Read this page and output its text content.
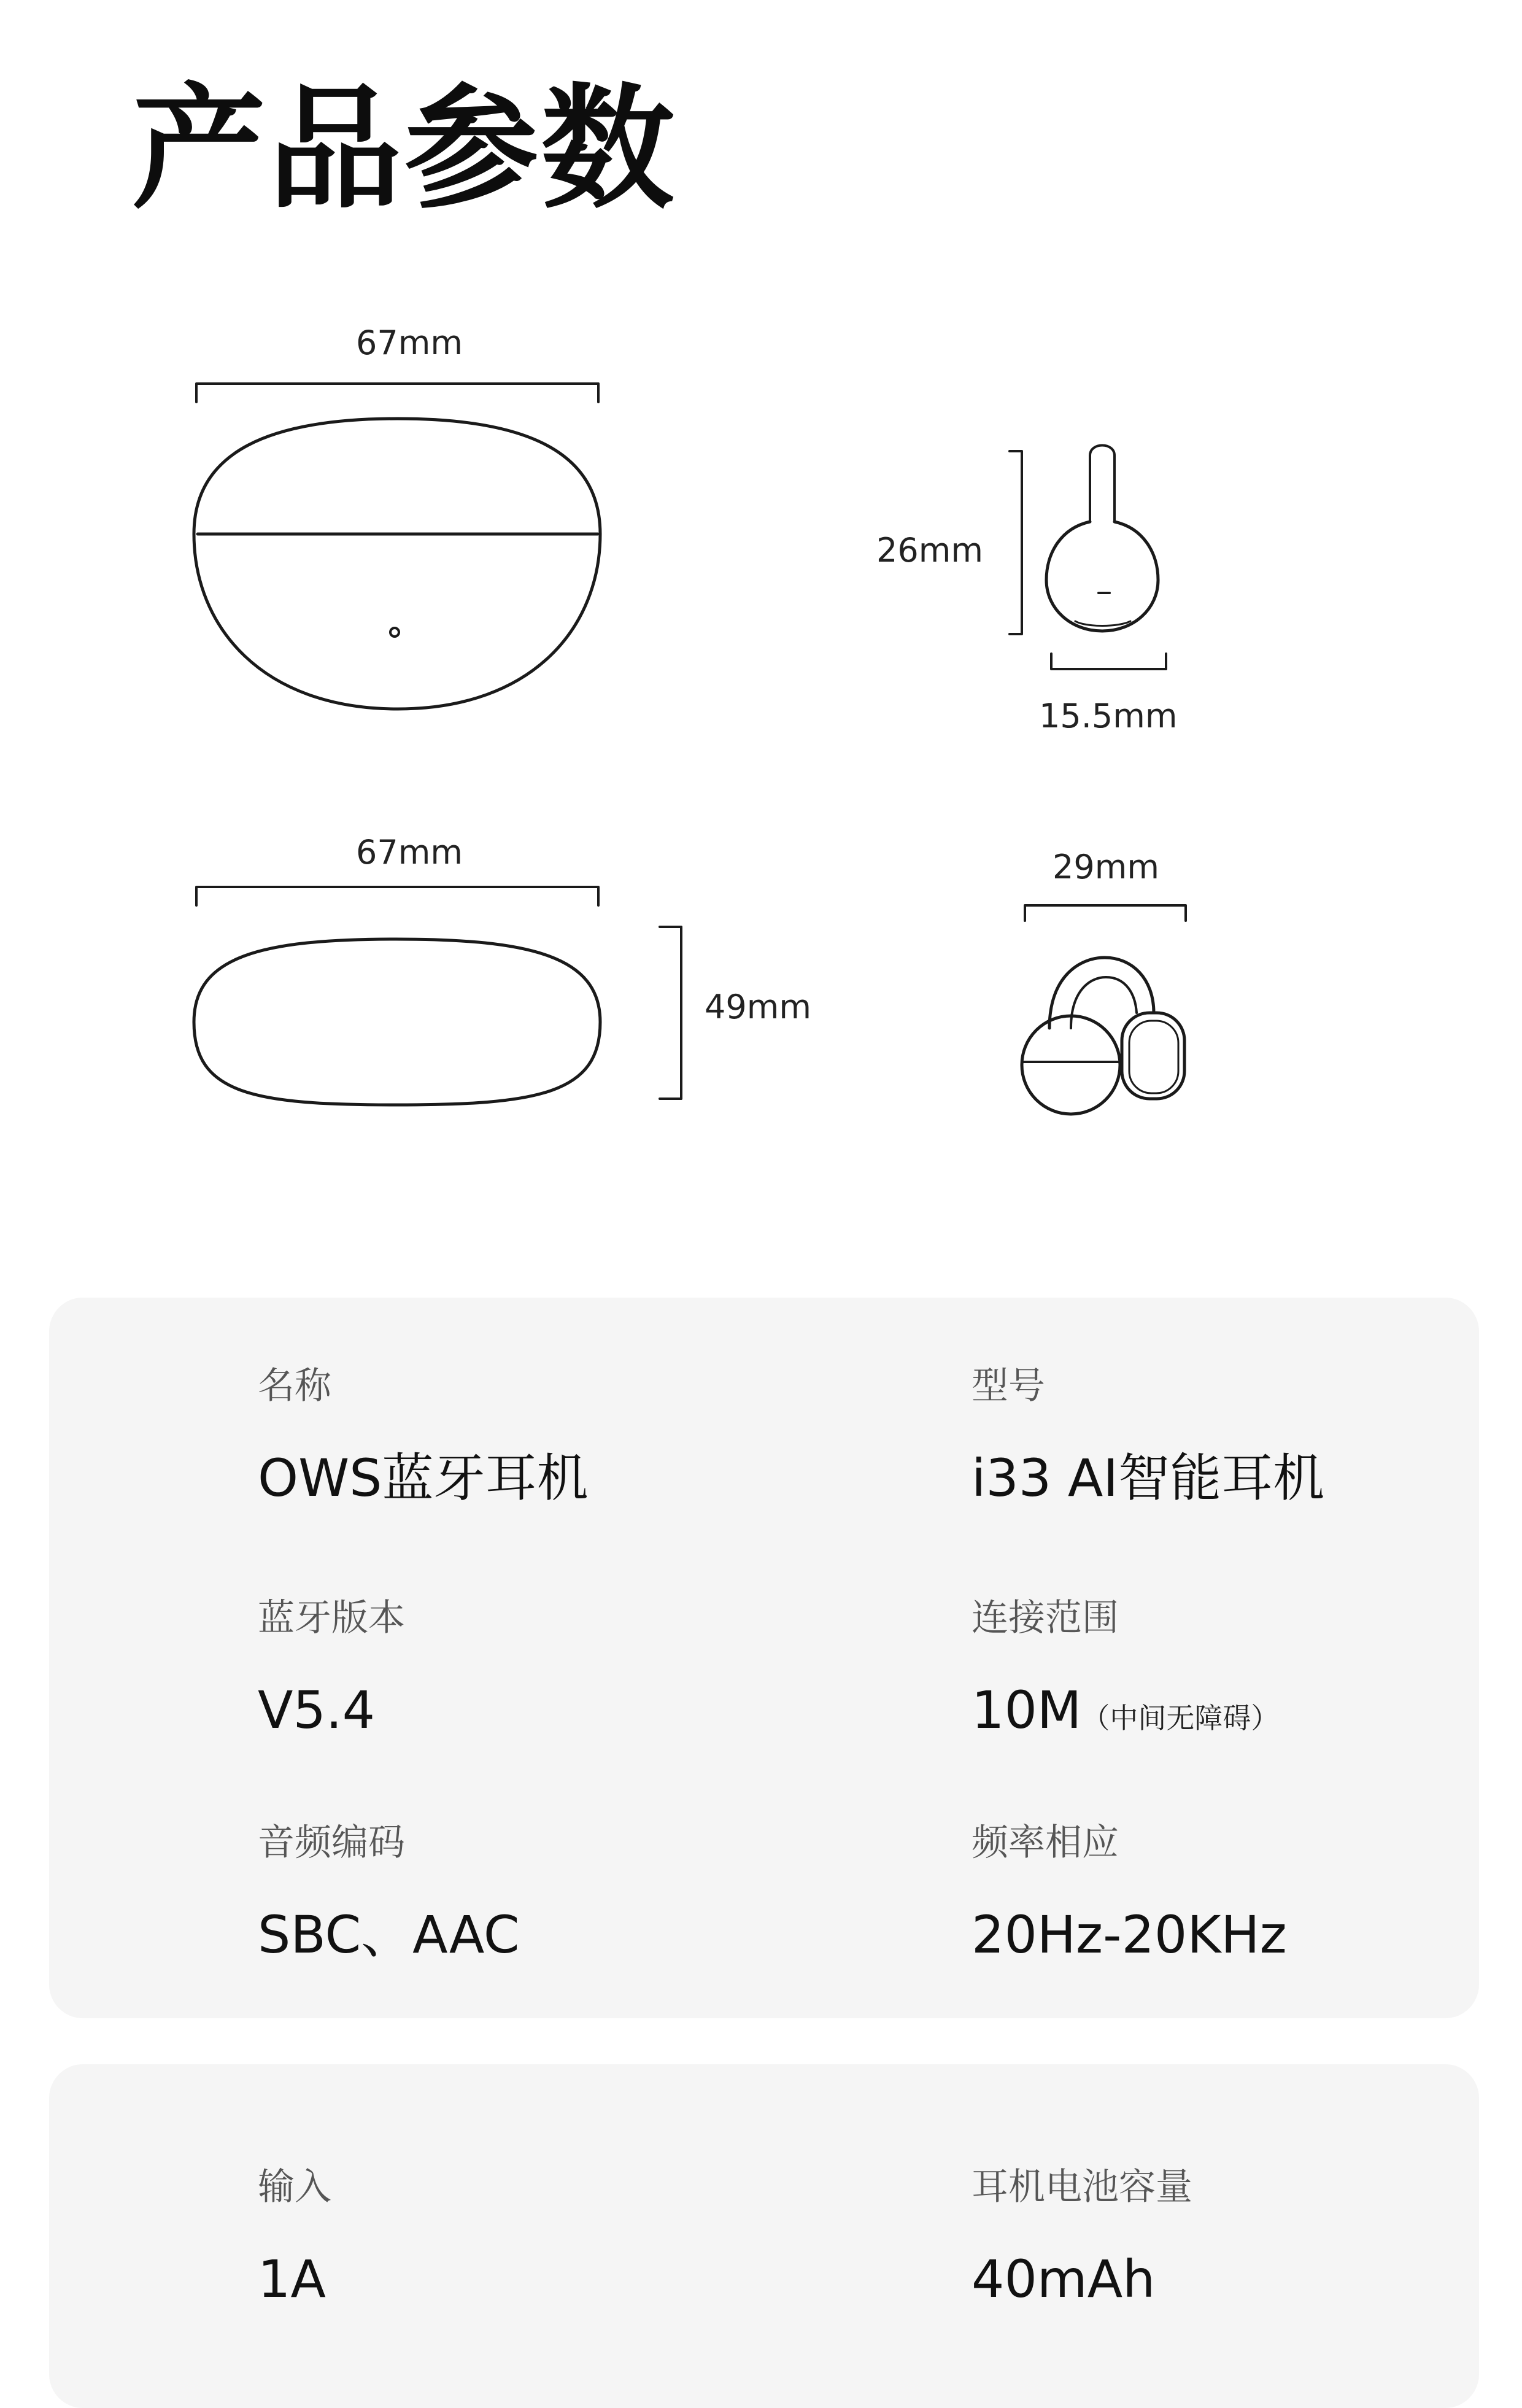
产品参数
67mm
26mm
15.5mm
67mm
49mm
29mm
名称
OWS蓝牙耳机
型号
i33 AI智能耳机
蓝牙版本
V5.4
连接范围
10M（中间无障碍）
音频编码
SBC、AAC
频率相应
20Hz-20KHz
输入
1A
耳机电池容量
40mAh
